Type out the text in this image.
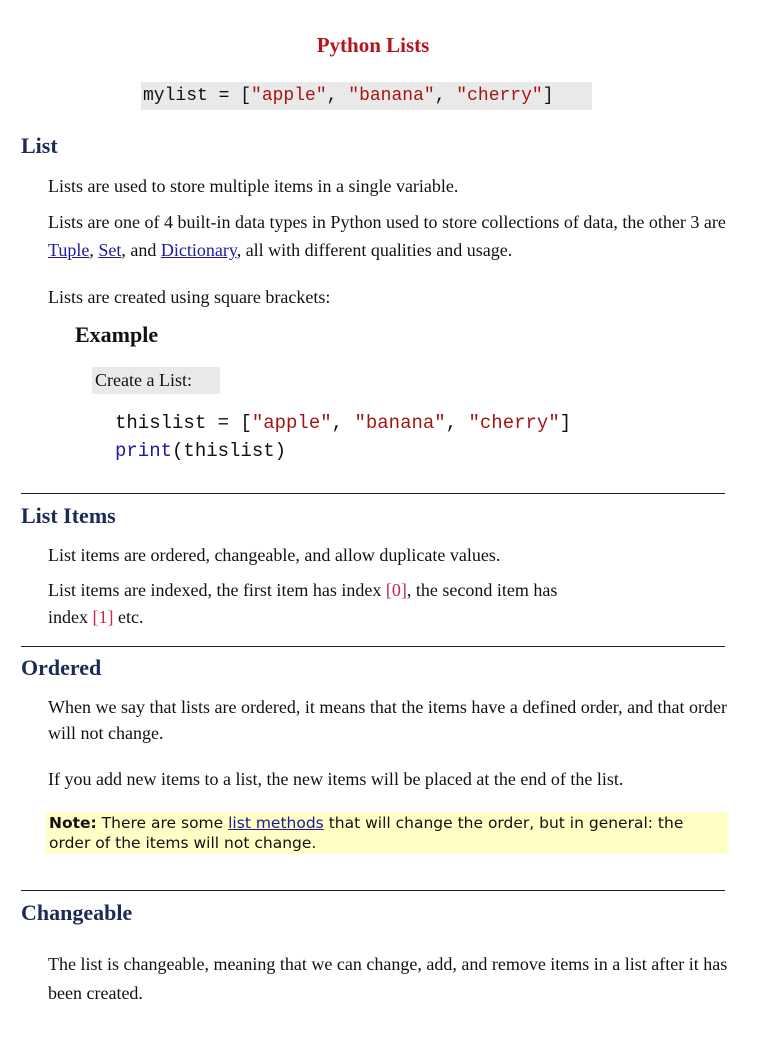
Python Lists
mylist = ["apple", "banana", "cherry"]
List
Lists are used to store multiple items in a single variable.
Lists are one of 4 built-in data types in Python used to store collections of data, the other 3 are Tuple, Set, and Dictionary, all with different qualities and usage.
Lists are created using square brackets:
Example
Create a List:
thislist = ["apple", "banana", "cherry"]
print(thislist)
List Items
List items are ordered, changeable, and allow duplicate values.
List items are indexed, the first item has index [0], the second item has
index [1] etc.
Ordered
When we say that lists are ordered, it means that the items have a defined order, and that order will not change.
If you add new items to a list, the new items will be placed at the end of the list.
Note: There are some list methods that will change the order, but in general: the order of the items will not change.
Changeable
The list is changeable, meaning that we can change, add, and remove items in a list after it has been created.
